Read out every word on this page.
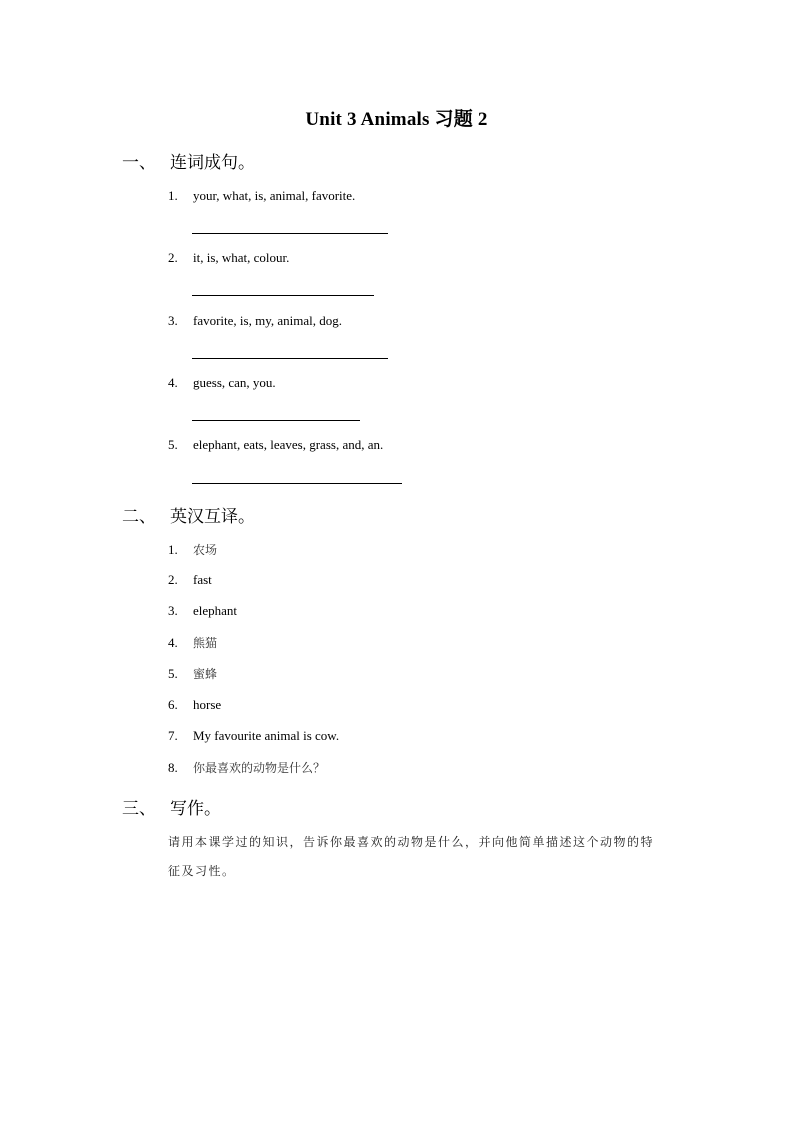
Unit 3 Animals 习题 2
一、 连词成句。
1. your, what, is, animal, favorite.
2. it, is, what, colour.
3. favorite, is, my, animal, dog.
4. guess, can, you.
5. elephant, eats, leaves, grass, and, an.
二、 英汉互译。
1. 农场
2. fast
3. elephant
4. 熊猫
5. 蜜蜂
6. horse
7. My favourite animal is cow.
8. 你最喜欢的动物是什么？
三、 写作。
请用本课学过的知识，告诉你最喜欢的动物是什么，并向他简单描述这个动物的特
征及习性。
